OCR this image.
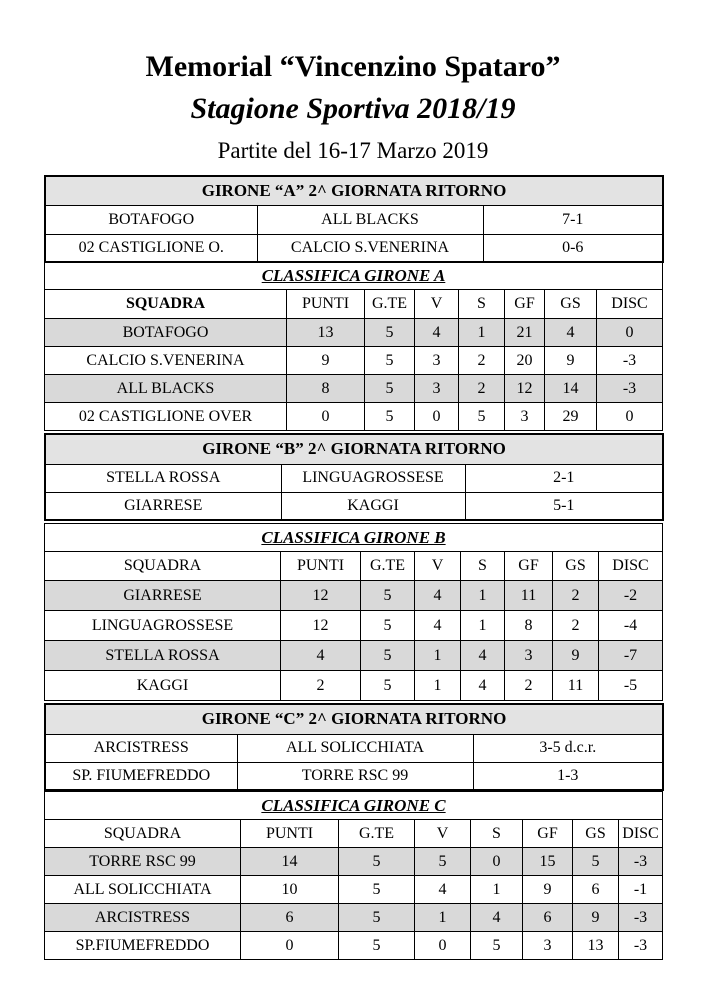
Memorial “Vincenzino Spataro”
Stagione Sportiva 2018/19
Partite del 16-17 Marzo 2019
GIRONE “A” 2^ GIORNATA RITORNO		
BOTAFOGO	ALL BLACKS	7-1
02 CASTIGLIONE O.	CALCIO S.VENERINA	0-6
CLASSIFICA GIRONE A							
SQUADRA	PUNTI	G.TE	V	S	GF	GS	DISC
BOTAFOGO	13	5	4	1	21	4	0
CALCIO S.VENERINA	9	5	3	2	20	9	-3
ALL BLACKS	8	5	3	2	12	14	-3
02 CASTIGLIONE OVER	0	5	0	5	3	29	0
GIRONE “B” 2^ GIORNATA RITORNO		
STELLA ROSSA	LINGUAGROSSESE	2-1
GIARRESE	KAGGI	5-1
CLASSIFICA GIRONE B							
SQUADRA	PUNTI	G.TE	V	S	GF	GS	DISC
GIARRESE	12	5	4	1	11	2	-2
LINGUAGROSSESE	12	5	4	1	8	2	-4
STELLA ROSSA	4	5	1	4	3	9	-7
KAGGI	2	5	1	4	2	11	-5
GIRONE “C” 2^ GIORNATA RITORNO		
ARCISTRESS	ALL SOLICCHIATA	3-5 d.c.r.
SP. FIUMEFREDDO	TORRE RSC 99	1-3
CLASSIFICA GIRONE C							
SQUADRA	PUNTI	G.TE	V	S	GF	GS	DISC
TORRE RSC 99	14	5	5	0	15	5	-3
ALL SOLICCHIATA	10	5	4	1	9	6	-1
ARCISTRESS	6	5	1	4	6	9	-3
SP.FIUMEFREDDO	0	5	0	5	3	13	-3
